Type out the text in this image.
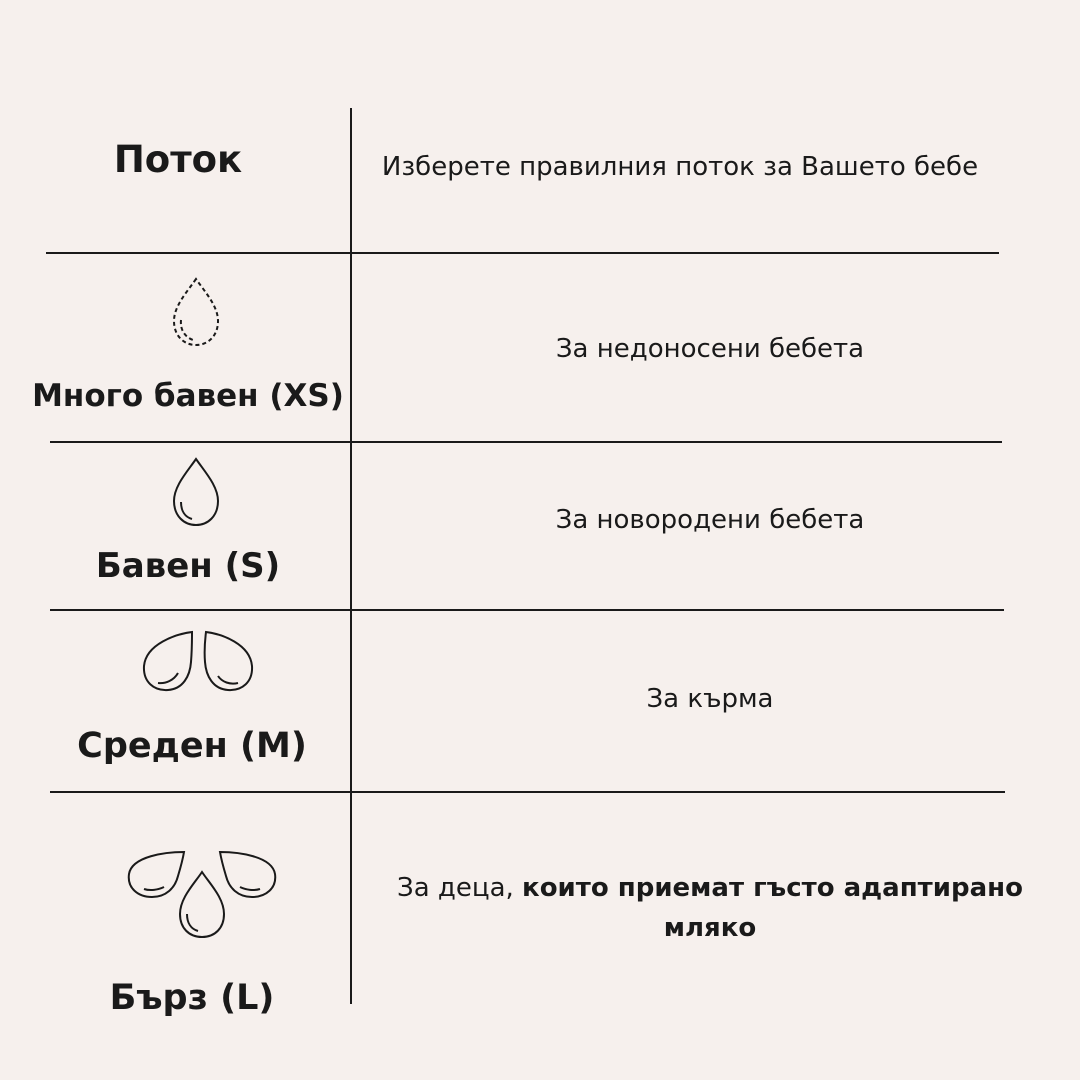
Поток	Изберете правилния поток за Вашето бебе
Много бавен (XS)
За недоносени бебета
Бавен (S)
За новородени бебета
Среден (M)
За кърма
Бърз (L)
За деца, които приемат гъсто адаптирано
мляко
